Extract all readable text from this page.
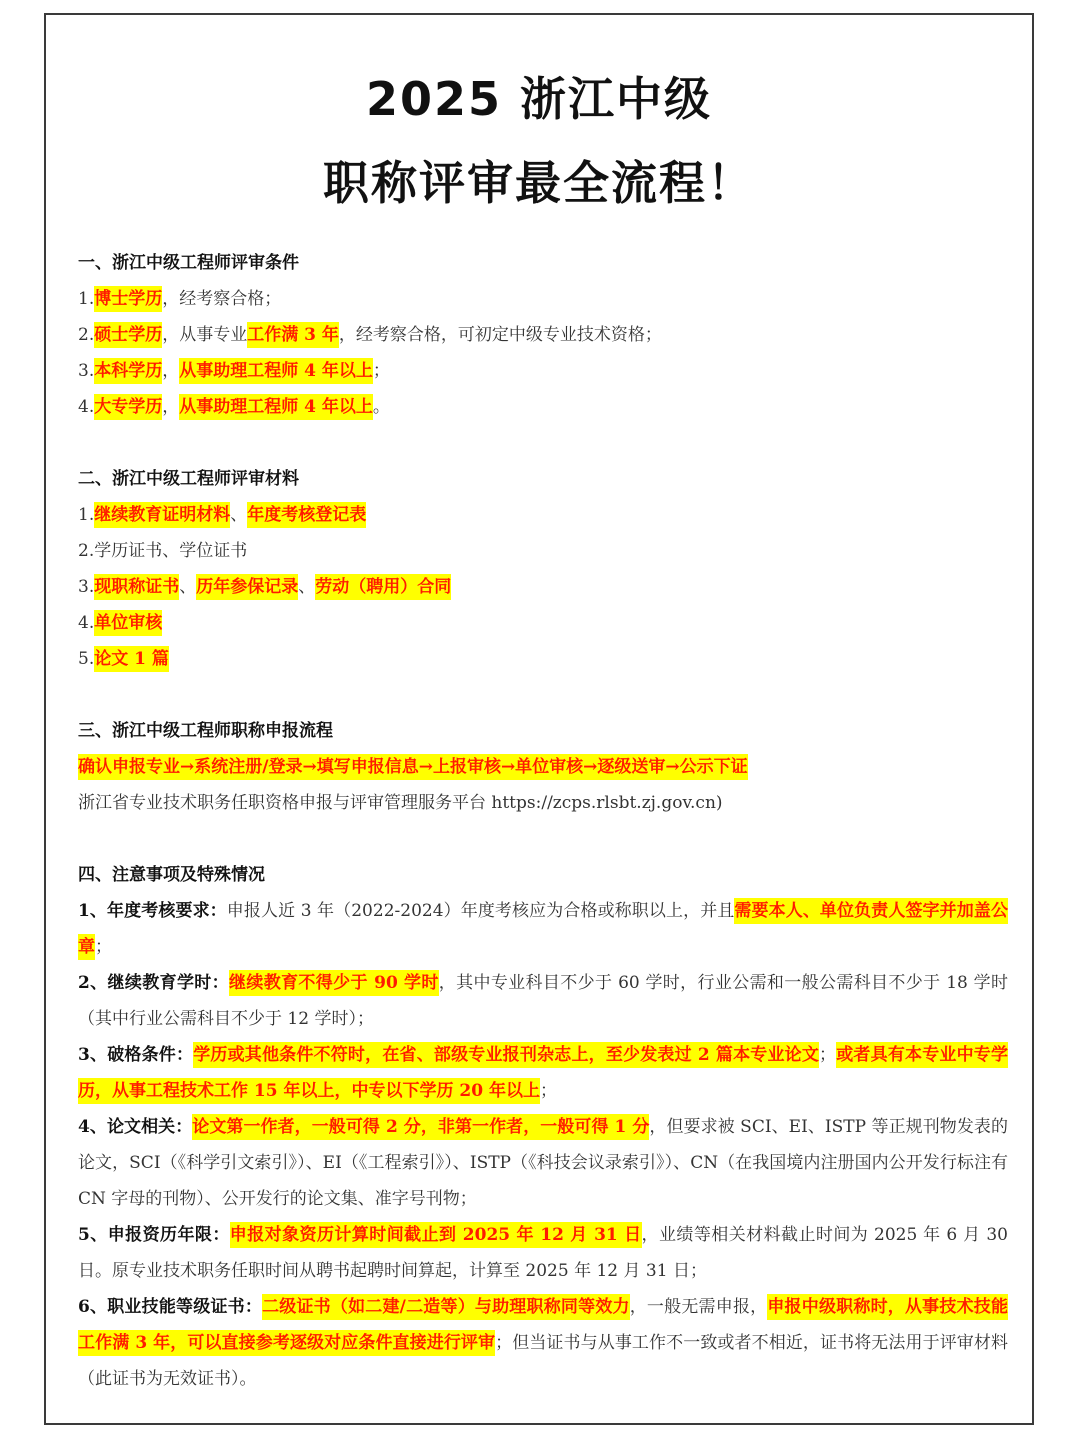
2025 浙江中级
职称评审最全流程！
一、浙江中级工程师评审条件
1.博士学历，经考察合格；
2.硕士学历，从事专业工作满 3 年，经考察合格，可初定中级专业技术资格；
3.本科学历，从事助理工程师 4 年以上；
4.大专学历，从事助理工程师 4 年以上。
二、浙江中级工程师评审材料
1.继续教育证明材料、年度考核登记表
2.学历证书、学位证书
3.现职称证书、历年参保记录、劳动（聘用）合同
4.单位审核
5.论文 1 篇
三、浙江中级工程师职称申报流程
确认申报专业→系统注册/登录→填写申报信息→上报审核→单位审核→逐级送审→公示下证
浙江省专业技术职务任职资格申报与评审管理服务平台 https://zcps.rlsbt.zj.gov.cn)
四、注意事项及特殊情况
1、年度考核要求：申报人近 3 年（2022-2024）年度考核应为合格或称职以上，并且需要本人、单位负责人签字并加盖公章；
2、继续教育学时：继续教育不得少于 90 学时，其中专业科目不少于 60 学时，行业公需和一般公需科目不少于 18 学时（其中行业公需科目不少于 12 学时）；
3、破格条件：学历或其他条件不符时，在省、部级专业报刊杂志上，至少发表过 2 篇本专业论文；或者具有本专业中专学历，从事工程技术工作 15 年以上，中专以下学历 20 年以上；
4、论文相关：论文第一作者，一般可得 2 分，非第一作者，一般可得 1 分，但要求被 SCI、EI、ISTP 等正规刊物发表的论文，SCI（《科学引文索引》）、EI（《工程索引》）、ISTP（《科技会议录索引》）、CN（在我国境内注册国内公开发行标注有 CN 字母的刊物）、公开发行的论文集、准字号刊物；
5、申报资历年限：申报对象资历计算时间截止到 2025 年 12 月 31 日，业绩等相关材料截止时间为 2025 年 6 月 30 日。原专业技术职务任职时间从聘书起聘时间算起，计算至 2025 年 12 月 31 日；
6、职业技能等级证书：二级证书（如二建/二造等）与助理职称同等效力，一般无需申报，申报中级职称时，从事技术技能工作满 3 年，可以直接参考逐级对应条件直接进行评审；但当证书与从事工作不一致或者不相近，证书将无法用于评审材料（此证书为无效证书）。
